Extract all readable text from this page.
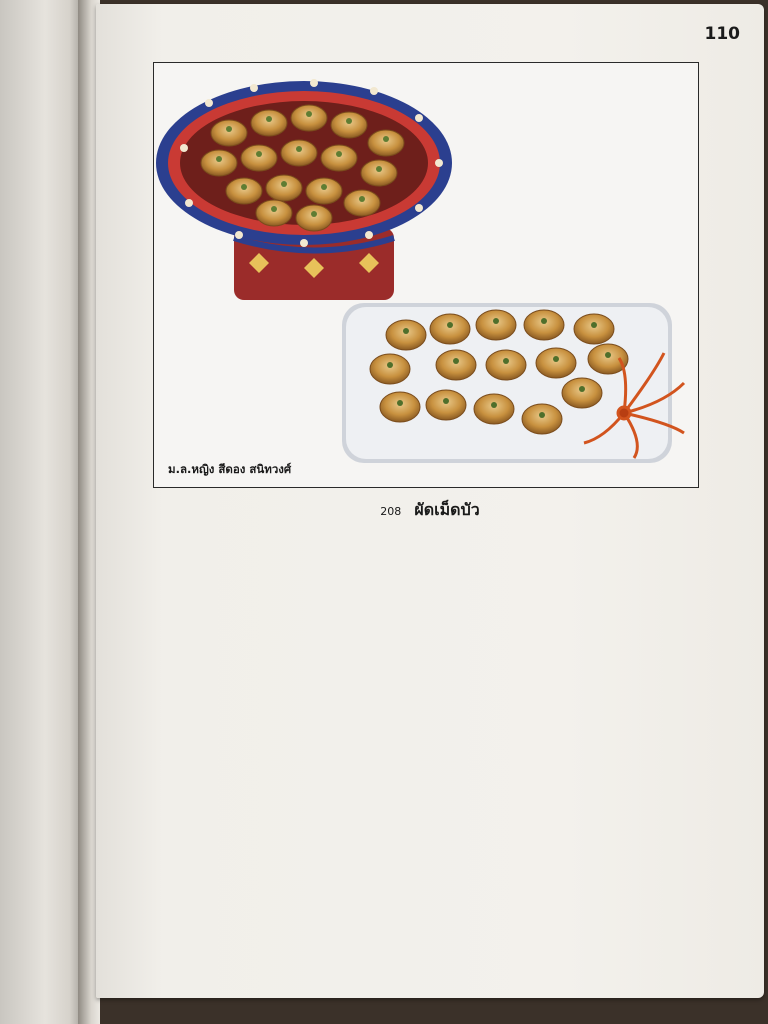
110
ม.ล.หญิง สีดอง สนิทวงศ์
208 ผัดเม็ดบัว
